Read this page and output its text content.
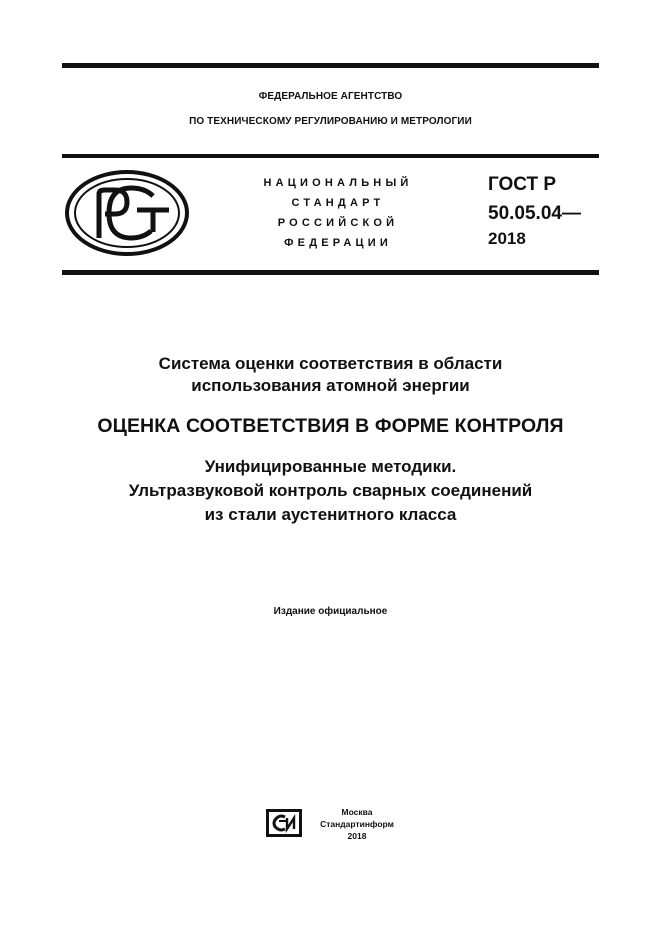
ФЕДЕРАЛЬНОЕ АГЕНТСТВО
ПО ТЕХНИЧЕСКОМУ РЕГУЛИРОВАНИЮ И МЕТРОЛОГИИ
НАЦИОНАЛЬНЫЙ
СТАНДАРТ
РОССИЙСКОЙ
ФЕДЕРАЦИИ
ГОСТ Р
50.05.04—
2018
Система оценки соответствия в области
использования атомной энергии
ОЦЕНКА СООТВЕТСТВИЯ В ФОРМЕ КОНТРОЛЯ
Унифицированные методики.
Ультразвуковой контроль сварных соединений
из стали аустенитного класса
Издание официальное
Москва
Стандартинформ
2018
